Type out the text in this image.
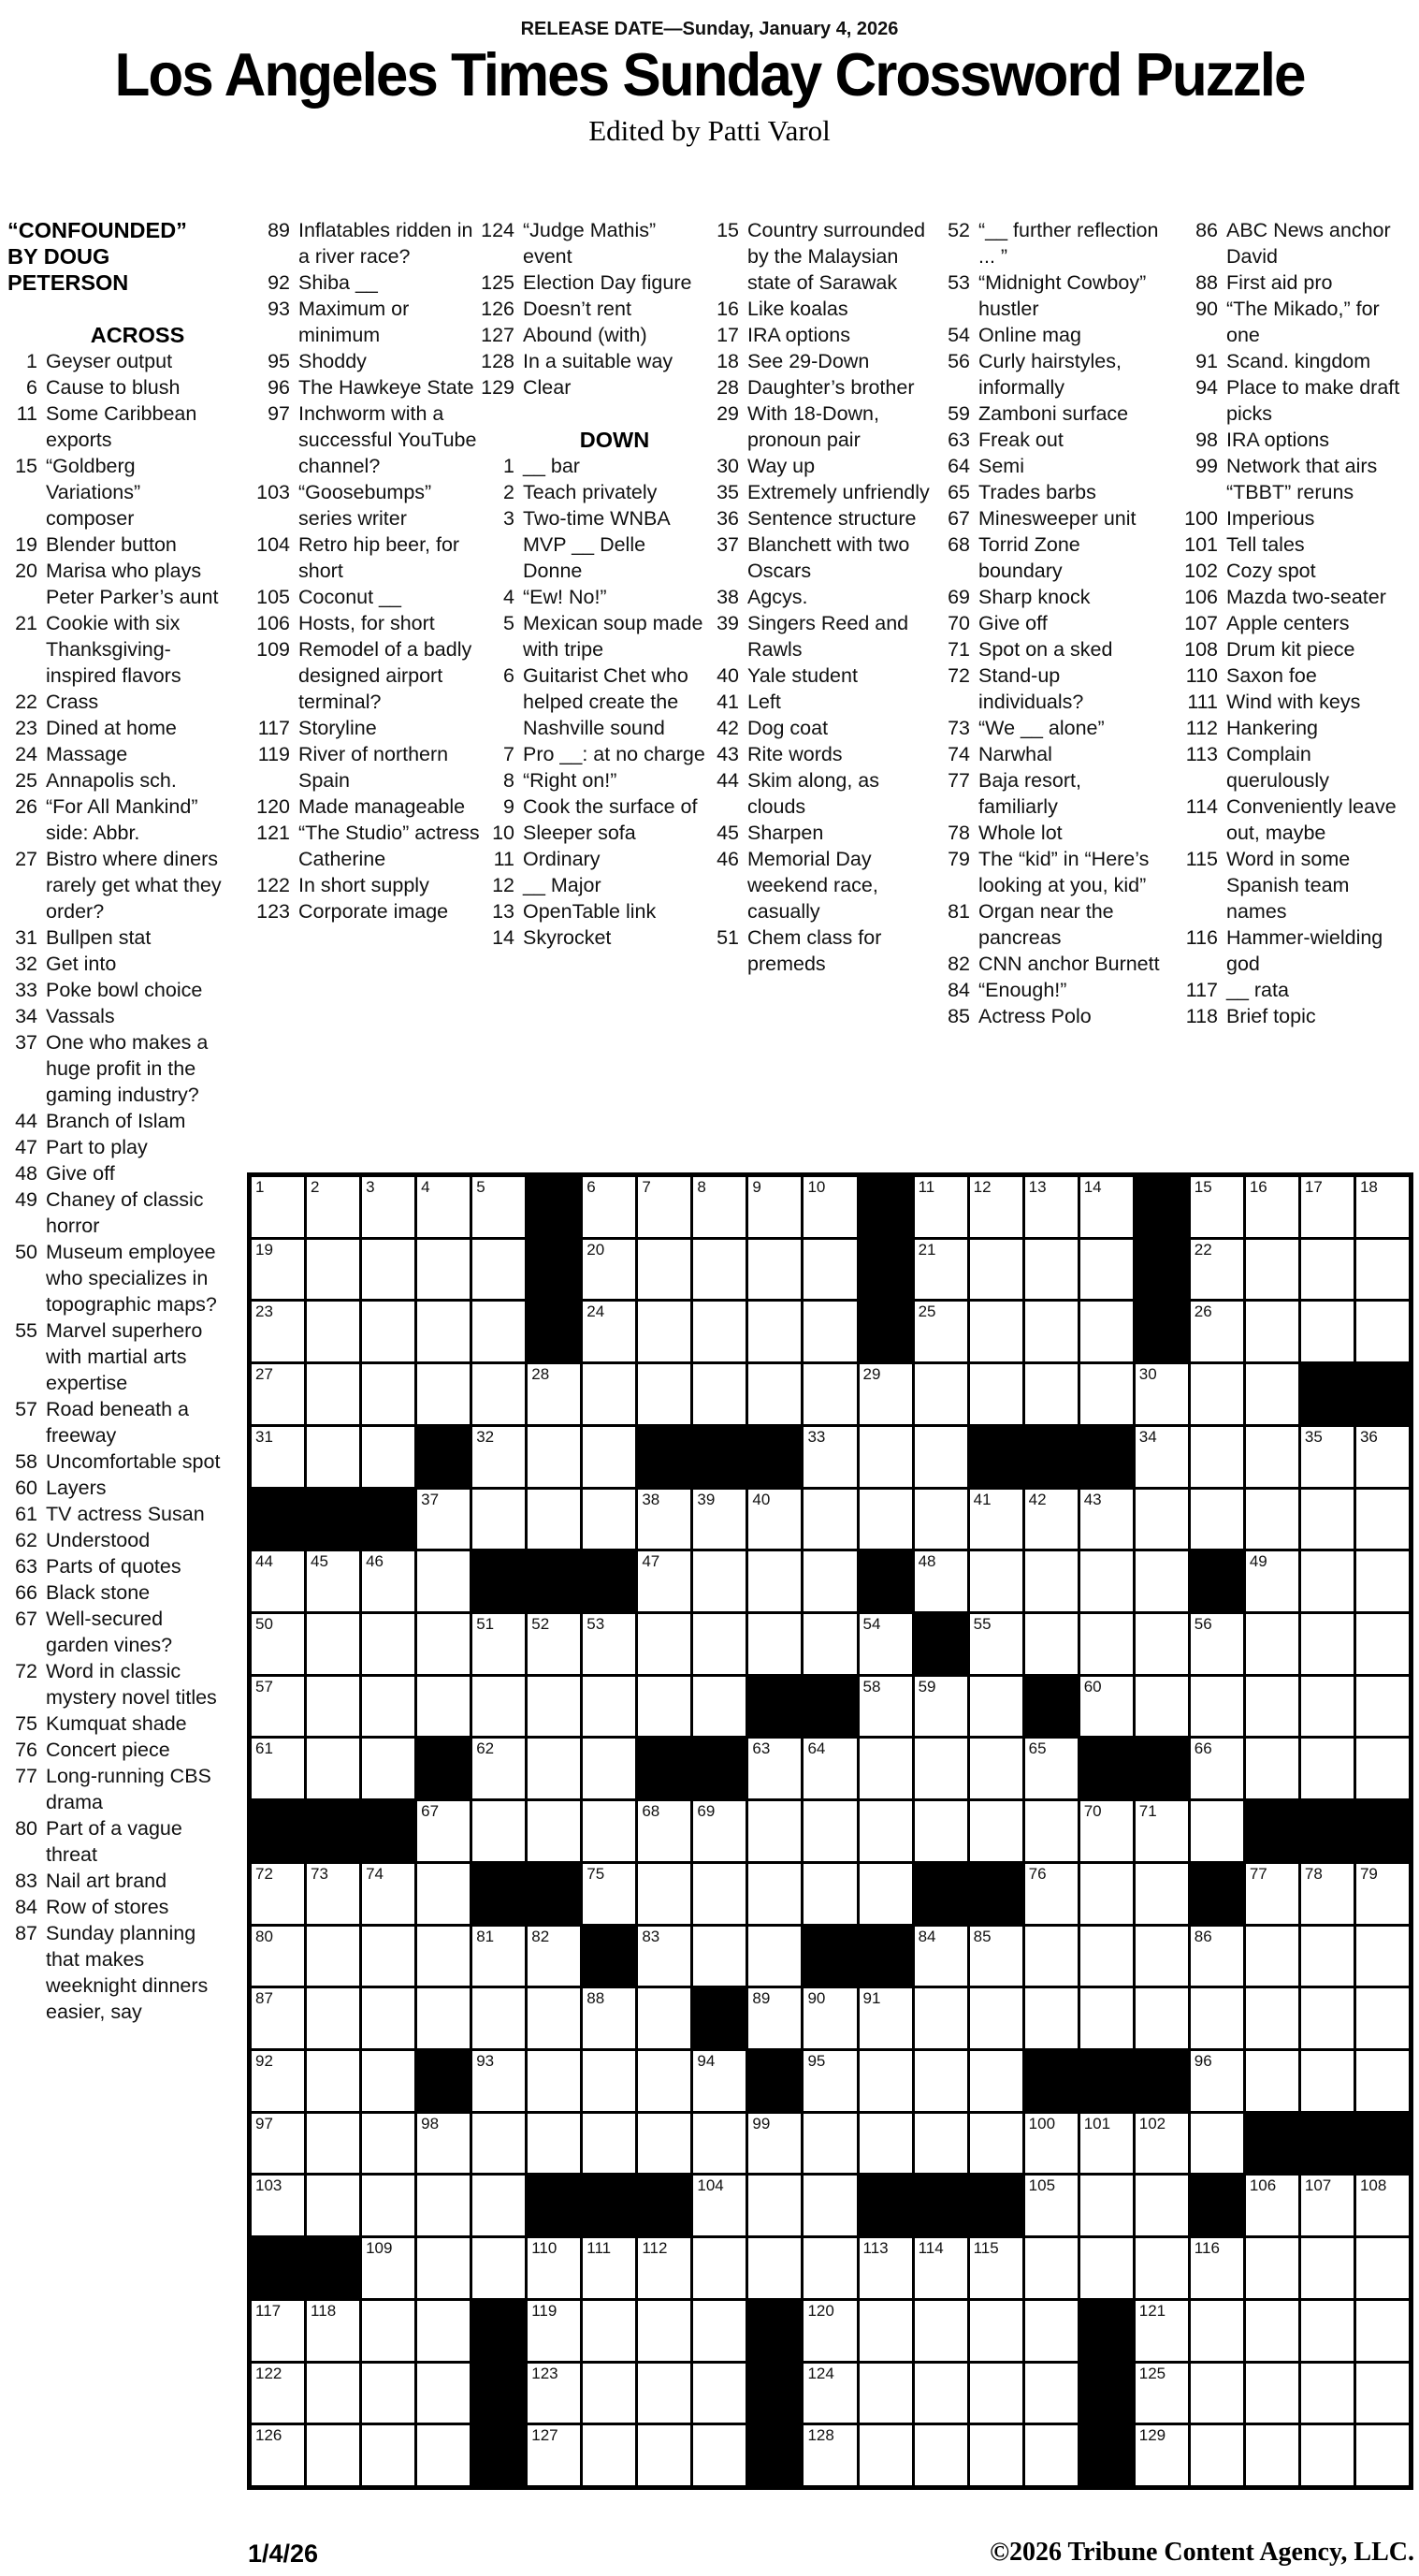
RELEASE DATE—Sunday, January 4, 2026
Los Angeles Times Sunday Crossword Puzzle
Edited by Patti Varol
“CONFOUNDED”
BY DOUG
PETERSON
ACROSS
1 Geyser output
6 Cause to blush
11 Some Caribbean exports
15 “Goldberg Variations” composer
19 Blender button
20 Marisa who plays Peter Parker’s aunt
21 Cookie with six Thanksgiving-inspired flavors
22 Crass
23 Dined at home
24 Massage
25 Annapolis sch.
26 “For All Mankind” side: Abbr.
27 Bistro where diners rarely get what they order?
31 Bullpen stat
32 Get into
33 Poke bowl choice
34 Vassals
37 One who makes a huge profit in the gaming industry?
44 Branch of Islam
47 Part to play
48 Give off
49 Chaney of classic horror
50 Museum employee who specializes in topographic maps?
55 Marvel superhero with martial arts expertise
57 Road beneath a freeway
58 Uncomfortable spot
60 Layers
61 TV actress Susan
62 Understood
63 Parts of quotes
66 Black stone
67 Well-secured garden vines?
72 Word in classic mystery novel titles
75 Kumquat shade
76 Concert piece
77 Long-running CBS drama
80 Part of a vague threat
83 Nail art brand
84 Row of stores
87 Sunday planning that makes weeknight dinners easier, say
89 Inflatables ridden in a river race?
92 Shiba __
93 Maximum or minimum
95 Shoddy
96 The Hawkeye State
97 Inchworm with a successful YouTube channel?
103 “Goosebumps” series writer
104 Retro hip beer, for short
105 Coconut __
106 Hosts, for short
109 Remodel of a badly designed airport terminal?
117 Storyline
119 River of northern Spain
120 Made manageable
121 “The Studio” actress Catherine
122 In short supply
123 Corporate image
124 “Judge Mathis” event
125 Election Day figure
126 Doesn’t rent
127 Abound (with)
128 In a suitable way
129 Clear
DOWN
1 __ bar
2 Teach privately
3 Two-time WNBA MVP __ Delle Donne
4 “Ew! No!”
5 Mexican soup made with tripe
6 Guitarist Chet who helped create the Nashville sound
7 Pro __: at no charge
8 “Right on!”
9 Cook the surface of
10 Sleeper sofa
11 Ordinary
12 __ Major
13 OpenTable link
14 Skyrocket
15 Country surrounded by the Malaysian state of Sarawak
16 Like koalas
17 IRA options
18 See 29-Down
28 Daughter’s brother
29 With 18-Down, pronoun pair
30 Way up
35 Extremely unfriendly
36 Sentence structure
37 Blanchett with two Oscars
38 Agcys.
39 Singers Reed and Rawls
40 Yale student
41 Left
42 Dog coat
43 Rite words
44 Skim along, as clouds
45 Sharpen
46 Memorial Day weekend race, casually
51 Chem class for premeds
52 “__ further reflection ... ”
53 “Midnight Cowboy” hustler
54 Online mag
56 Curly hairstyles, informally
59 Zamboni surface
63 Freak out
64 Semi
65 Trades barbs
67 Minesweeper unit
68 Torrid Zone boundary
69 Sharp knock
70 Give off
71 Spot on a sked
72 Stand-up individuals?
73 “We __ alone”
74 Narwhal
77 Baja resort, familiarly
78 Whole lot
79 The “kid” in “Here’s looking at you, kid”
81 Organ near the pancreas
82 CNN anchor Burnett
84 “Enough!”
85 Actress Polo
86 ABC News anchor David
88 First aid pro
90 “The Mikado,” for one
91 Scand. kingdom
94 Place to make draft picks
98 IRA options
99 Network that airs “TBBT” reruns
100 Imperious
101 Tell tales
102 Cozy spot
106 Mazda two-seater
107 Apple centers
108 Drum kit piece
110 Saxon foe
111 Wind with keys
112 Hankering
113 Complain querulously
114 Conveniently leave out, maybe
115 Word in some Spanish team names
116 Hammer-wielding god
117 __ rata
118 Brief topic
1	2	3	4	5	6	7	8	9	10	11 12 13 14	15 16 17 18
19	20	21	22
23	24	25	26
27	28	29	30
31	32	33	34	35 36
37	38 39 40	41 42 43
44 45 46	47	48	49
50	51 52 53	54	55	56
57	58 59	60
61	62	63 64	65	66
67	68 69	70 71
72 73 74	75	76	77 78 79
80	81 82	83	84 85	86
87	88	89 90 91
92	93	94	95	96
97	98	99	100 101 102
103	104	105	106 107 108
109	110 111 112	113 114 115	116
117 118	119	120	121
122	123	124	125
126	127	128	129
1/4/26	©2026 Tribune Content Agency, LLC.
